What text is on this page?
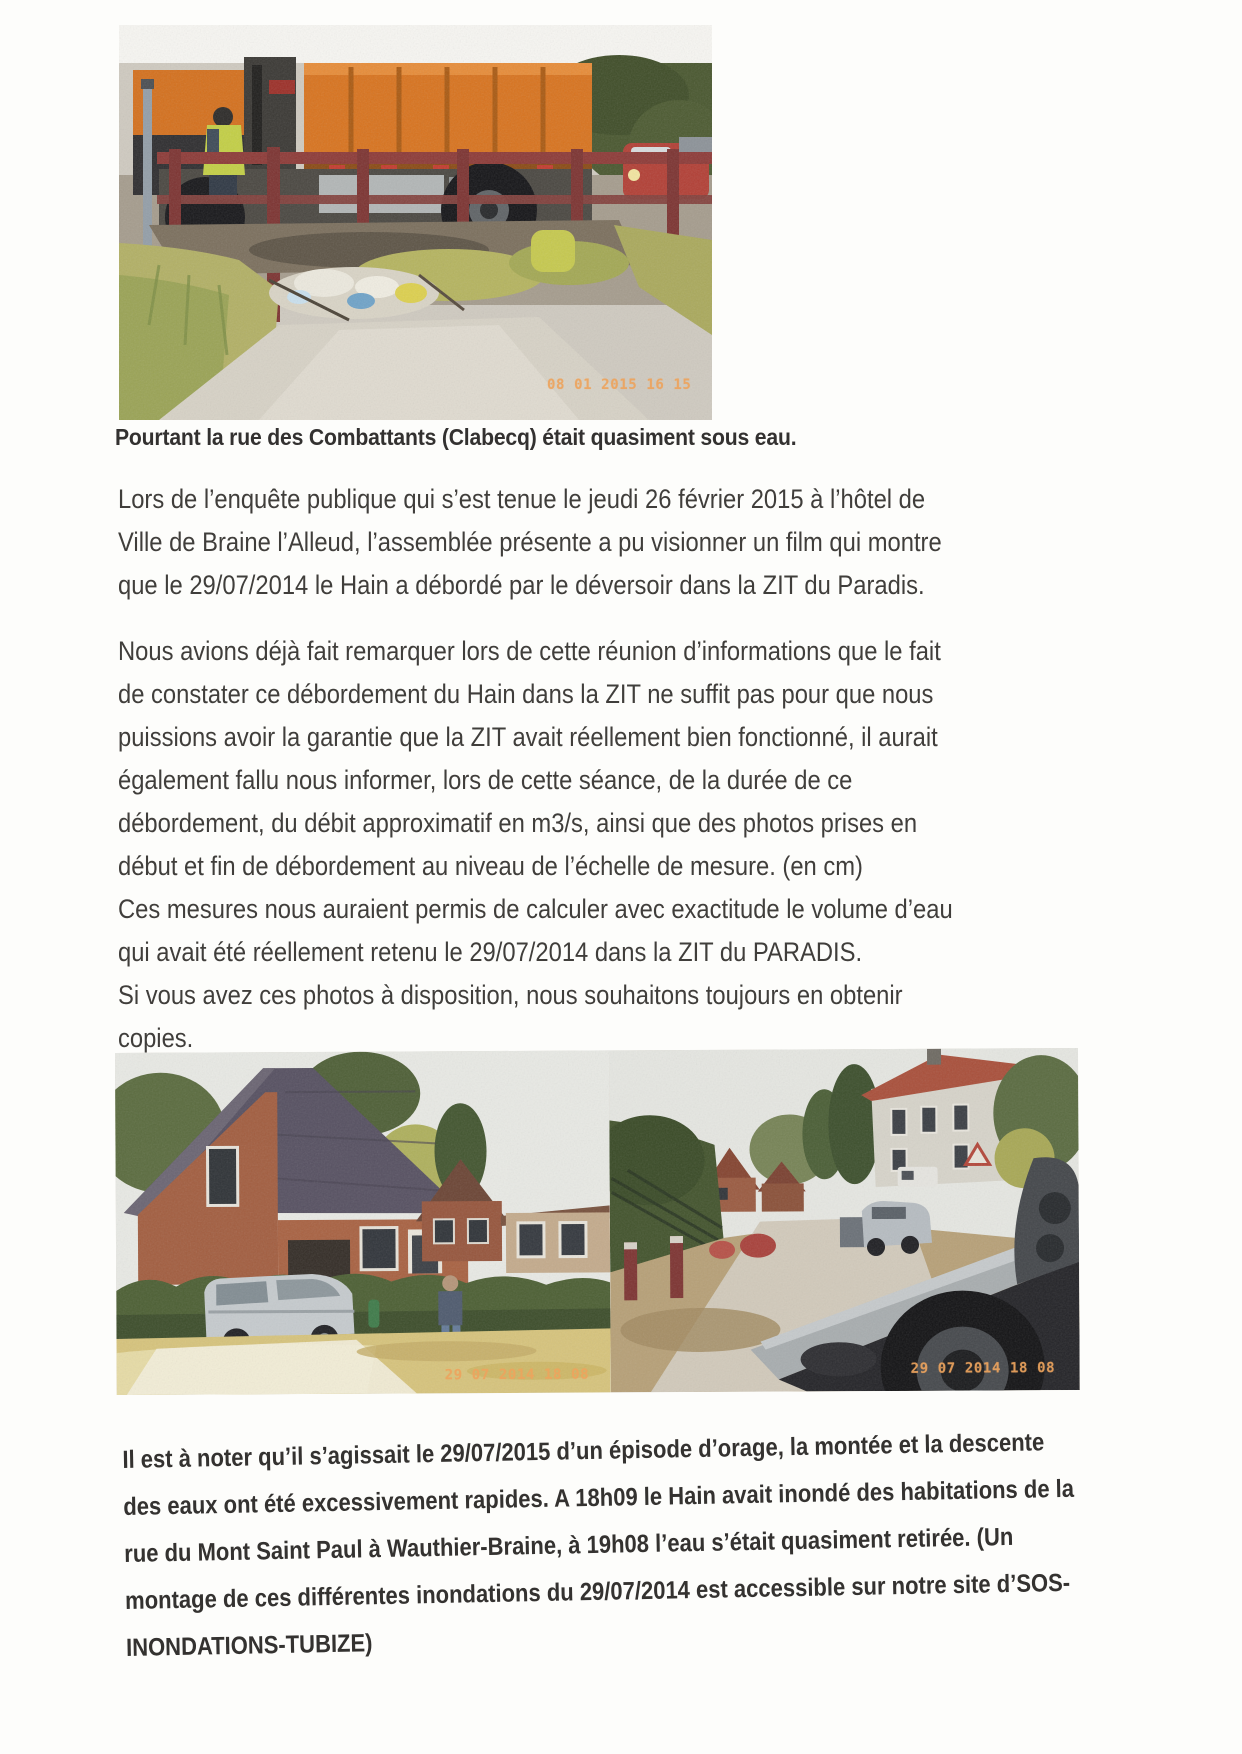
08 01 2015 16 15
Pourtant la rue des Combattants (Clabecq) était quasiment sous eau.
Lors de l’enquête publique qui s’est tenue le jeudi 26 février 2015 à l’hôtel de
Ville de Braine l’Alleud, l’assemblée présente a pu visionner un film qui montre
que le 29/07/2014 le Hain a débordé par le déversoir dans la ZIT du Paradis.
Nous avions déjà fait remarquer lors de cette réunion d’informations que le fait
de constater ce débordement du Hain dans la ZIT ne suffit pas pour que nous
puissions avoir la garantie que la ZIT avait réellement bien fonctionné, il aurait
également fallu nous informer, lors de cette séance, de la durée de ce
débordement, du débit approximatif en m3/s, ainsi que des photos prises en
début et fin de débordement au niveau de l’échelle de mesure. (en cm)
Ces mesures nous auraient permis de calculer avec exactitude le volume d’eau
qui avait été réellement retenu le 29/07/2014 dans la ZIT du PARADIS.
Si vous avez ces photos à disposition, nous souhaitons toujours en obtenir
copies.
29 07 2014 18 08	29 07 2014 18 08
Il est à noter qu’il s’agissait le 29/07/2015 d’un épisode d’orage, la montée et la descente
des eaux ont été excessivement rapides. A 18h09 le Hain avait inondé des habitations de la
rue du Mont Saint Paul à Wauthier-Braine, à 19h08 l’eau s’était quasiment retirée. (Un
montage de ces différentes inondations du 29/07/2014 est accessible sur notre site d’SOS-
INONDATIONS-TUBIZE)
